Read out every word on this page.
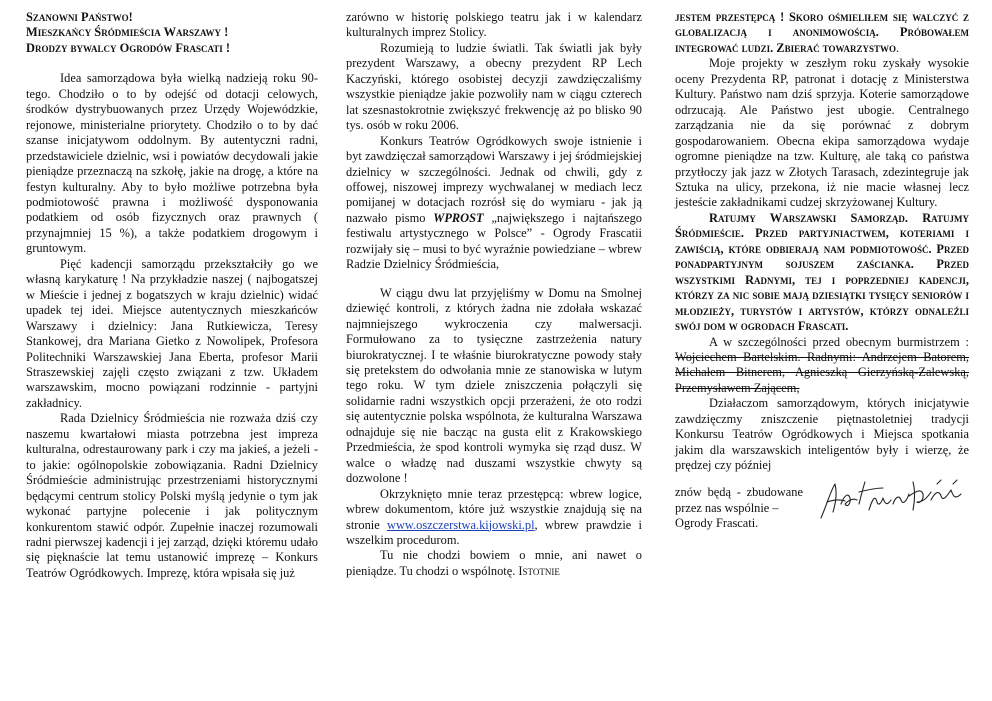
Szanowni Państwo!

Mieszkańcy Śródmieścia Warszawy !

Drodzy bywalcy Ogrodów Frascati !

Idea samorządowa była wielką nadzieją roku 90-tego. Chodziło o to by odejść od dotacji celowych, środków dystrybuowanych przez Urzędy Wojewódzkie, rejonowe, ministerialne priorytety. Chodziło o to by dać szanse inicjatywom oddolnym. By autentyczni radni, przedstawiciele dzielnic, wsi i powiatów decydowali jakie pieniądze przeznaczą na szkołę, jakie na drogę, a które na festyn kulturalny. Aby to było możliwe potrzebna była podmiotowość prawna i możliwość dysponowania podatkiem od osób fizycznych oraz prawnych ( przynajmniej 15 %), a także podatkiem drogowym i gruntowym.

Pięć kadencji samorządu przekształciły go we własną karykaturę ! Na przykładzie naszej ( najbogatszej w Mieście i jednej z bogatszych w kraju dzielnic) widać upadek tej idei. Miejsce autentycznych mieszkańców Warszawy i dzielnicy: Jana Rutkiewicza, Teresy Stankowej, dra Mariana Gietko z Nowolipek, Profesora Politechniki Warszawskiej Jana Eberta, profesor Marii Straszewskiej zajęli często związani z tzw. Układem warszawskim, mocno powiązani rodzinnie - partyjni zakładnicy.

Rada Dzielnicy Śródmieścia nie rozważa dziś czy naszemu kwartałowi miasta potrzebna jest impreza kulturalna, odrestaurowany park i czy ma jakieś, a jeżeli - to jakie: ogólnopolskie zobowiązania. Radni Dzielnicy Śródmieście administrując przestrzeniami historycznymi będącymi centrum stolicy Polski myślą jedynie o tym jak wykonać partyjne polecenie i jak politycznym konkurentom stawić odpór. Zupełnie inaczej rozumowali radni pierwszej kadencji i jej zarząd, dzięki któremu udało się pięknaście lat temu ustanowić imprezę – Konkurs Teatrów Ogródkowych. Imprezę, która wpisała się już

zarówno w historię polskiego teatru jak i w kalendarz kulturalnych imprez Stolicy.

Rozumieją to ludzie światli. Tak światli jak były prezydent Warszawy, a obecny prezydent RP Lech Kaczyński, którego osobistej decyzji zawdzięczaliśmy wszystkie pieniądze jakie pozwoliły nam w ciągu czterech lat szesnastokrotnie zwiększyć frekwencję aż po blisko 90 tys. osób w roku 2006.

Konkurs Teatrów Ogródkowych swoje istnienie i byt zawdzięczał samorządowi Warszawy i jej śródmiejskiej dzielnicy w szczególności. Jednak od chwili, gdy z offowej, niszowej imprezy wychwalanej w mediach lecz pomijanej w dotacjach rozrósł się do wymiaru - jak ją nazwało pismo WPROST „największego i najtańszego festiwalu artystycznego w Polsce” - Ogrody Frascatii rozwijały się – musi to być wyraźnie powiedziane – wbrew Radzie Dzielnicy Śródmieścia,

W ciągu dwu lat przyjęliśmy w Domu na Smolnej dziewięć kontroli, z których żadna nie zdołała wskazać najmniejszego wykroczenia czy malwersacji. Formułowano za to tysięczne zastrzeżenia natury biurokratycznej. I te właśnie biurokratyczne powody stały się pretekstem do odwołania mnie ze stanowiska w lutym tego roku. W tym dziele zniszczenia połączyli się solidarnie radni wszystkich opcji przerażeni, że oto rodzi się autentycznie polska wspólnota, że kulturalna Warszawa odnajduje się nie bacząc na gusta elit z Krakowskiego Przedmieścia, że spod kontroli wymyka się rząd dusz. W walce o władzę nad duszami wszystkie chwyty są dozwolone !

Okrzyknięto mnie teraz przestępcą: wbrew logice, wbrew dokumentom, które już wszystkie znajdują się na stronie www.oszczerstwa.kijowski.pl, wbrew prawdzie i wszelkim procedurom.

Tu nie chodzi bowiem o mnie, ani nawet o pieniądze. Tu chodzi o wspólnotę. Istotnie

jestem przestępcą ! Skoro ośmieliłem się walczyć z globalizacją i anonimowością. Próbowałem integrować ludzi. Zbierać towarzystwo.

Moje projekty w zeszłym roku zyskały wysokie oceny Prezydenta RP, patronat i dotację z Ministerstwa Kultury. Państwo nam dziś sprzyja. Koterie samorządowe odrzucają. Ale Państwo jest ubogie. Centralnego zarządzania nie da się porównać z dobrym gospodarowaniem. Obecna ekipa samorządowa wydaje ogromne pieniądze na tzw. Kulturę, ale taką co państwa przytłoczy jak jazz w Złotych Tarasach, zdezintegruje jak Sztuka na ulicy, przekona, iż nie macie własnej lecz jesteście zakładnikami cudzej skrzyżowanej Kultury.

Ratujmy Warszawski Samorząd. Ratujmy Śródmieście. Przed partyjniactwem, koteriami i zawiścią, które odbierają nam podmiotowość. Przed ponadpartyjnym sojuszem zaścianka. Przed wszystkimi Radnymi, tej i poprzedniej kadencji, którzy za nic sobie mają dziesiątki tysięcy seniorów i młodzieży, turystów i artystów, którzy odnaleźli swój dom w ogrodach Frascati.

A w szczególności przed obecnym burmistrzem : Wojciechem Bartelskim. Radnymi: Andrzejem Batorem, Michałem Bitnerem, Agnieszką Gierzyńską-Zalewską, Przemysławem Zającem,

Działaczom samorządowym, których inicjatywie zawdzięczmy zniszczenie piętnastoletniej tradycji Konkursu Teatrów Ogródkowych i Miejsca spotkania jakim dla warszawskich inteligentów były i wierzę, że prędzej czy później

znów będą - zbudowane przez nas wspólnie –

Ogrody Frascati.
